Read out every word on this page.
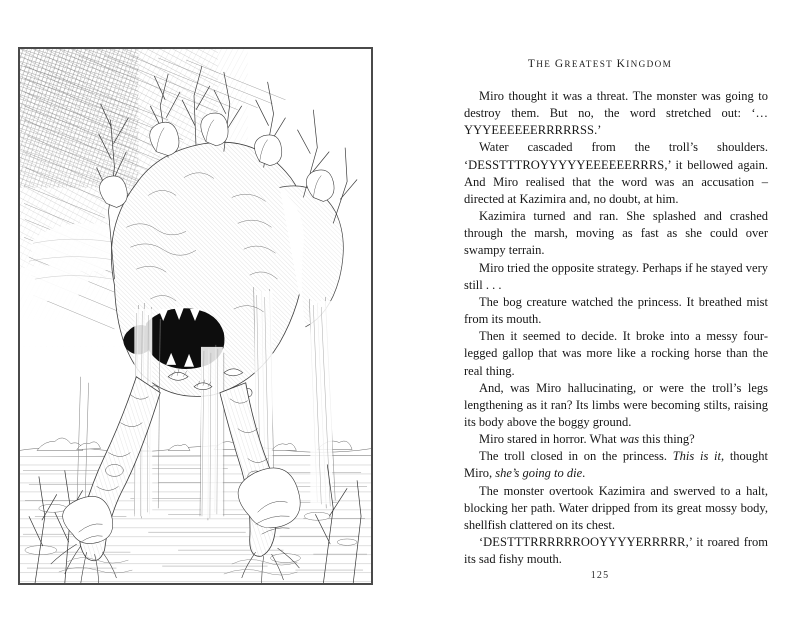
THE GREATEST KINGDOM

Miro thought it was a threat. The monster was going to destroy them. But no, the word stretched out: ‘… YYYEEEEEERRRRRSS.’

Water cascaded from the troll’s shoulders. ‘DESSTTTROYYYYYEEEEEERRRS,’ it bellowed again. And Miro realised that the word was an accusation – directed at Kazimira and, no doubt, at him.

Kazimira turned and ran. She splashed and crashed through the marsh, moving as fast as she could over swampy terrain.

Miro tried the opposite strategy. Perhaps if he stayed very still . . .

The bog creature watched the princess. It breathed mist from its mouth.

Then it seemed to decide. It broke into a messy four-legged gallop that was more like a rocking horse than the real thing.

And, was Miro hallucinating, or were the troll’s legs lengthening as it ran? Its limbs were becoming stilts, raising its body above the boggy ground.

Miro stared in horror. What was this thing?

The troll closed in on the princess. This is it, thought Miro, she’s going to die.

The monster overtook Kazimira and swerved to a halt, blocking her path. Water dripped from its great mossy body, shellfish clattered on its chest.

‘DESTTTRRRRRROOYYYYERRRRR,’ it roared from its sad fishy mouth.

125
